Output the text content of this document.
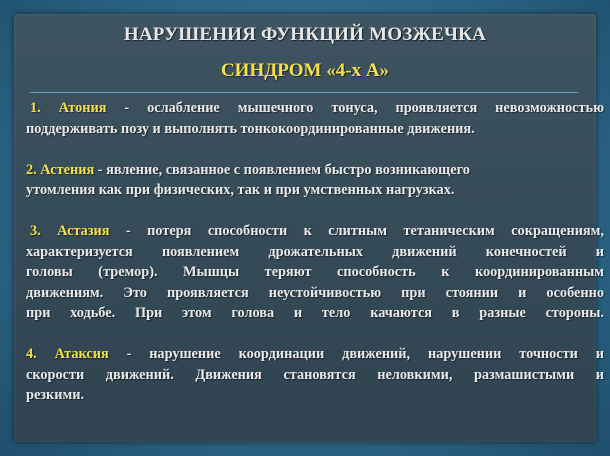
НАРУШЕНИЯ ФУНКЦИЙ МОЗЖЕЧКА
СИНДРОМ «4-х А»

1. Атония - ослабление мышечного тонуса, проявляется невозможностью
поддерживать позу и выполнять тонкокоординированные движения.

2. Астения - явление, связанное с появлением быстро возникающего
утомления как при физических, так и при умственных нагрузках.

3. Астазия - потеря способности к слитным тетаническим сокращениям,
характеризуется появлением дрожательных движений конечностей и
головы (тремор). Мышцы теряют способность к координированным
движениям. Это проявляется неустойчивостью при стоянии и особенно
при ходьбе. При этом голова и тело качаются в разные стороны.

4. Атаксия - нарушение координации движений, нарушении точности и
скорости движений. Движения становятся неловкими, размашистыми и
резкими.
